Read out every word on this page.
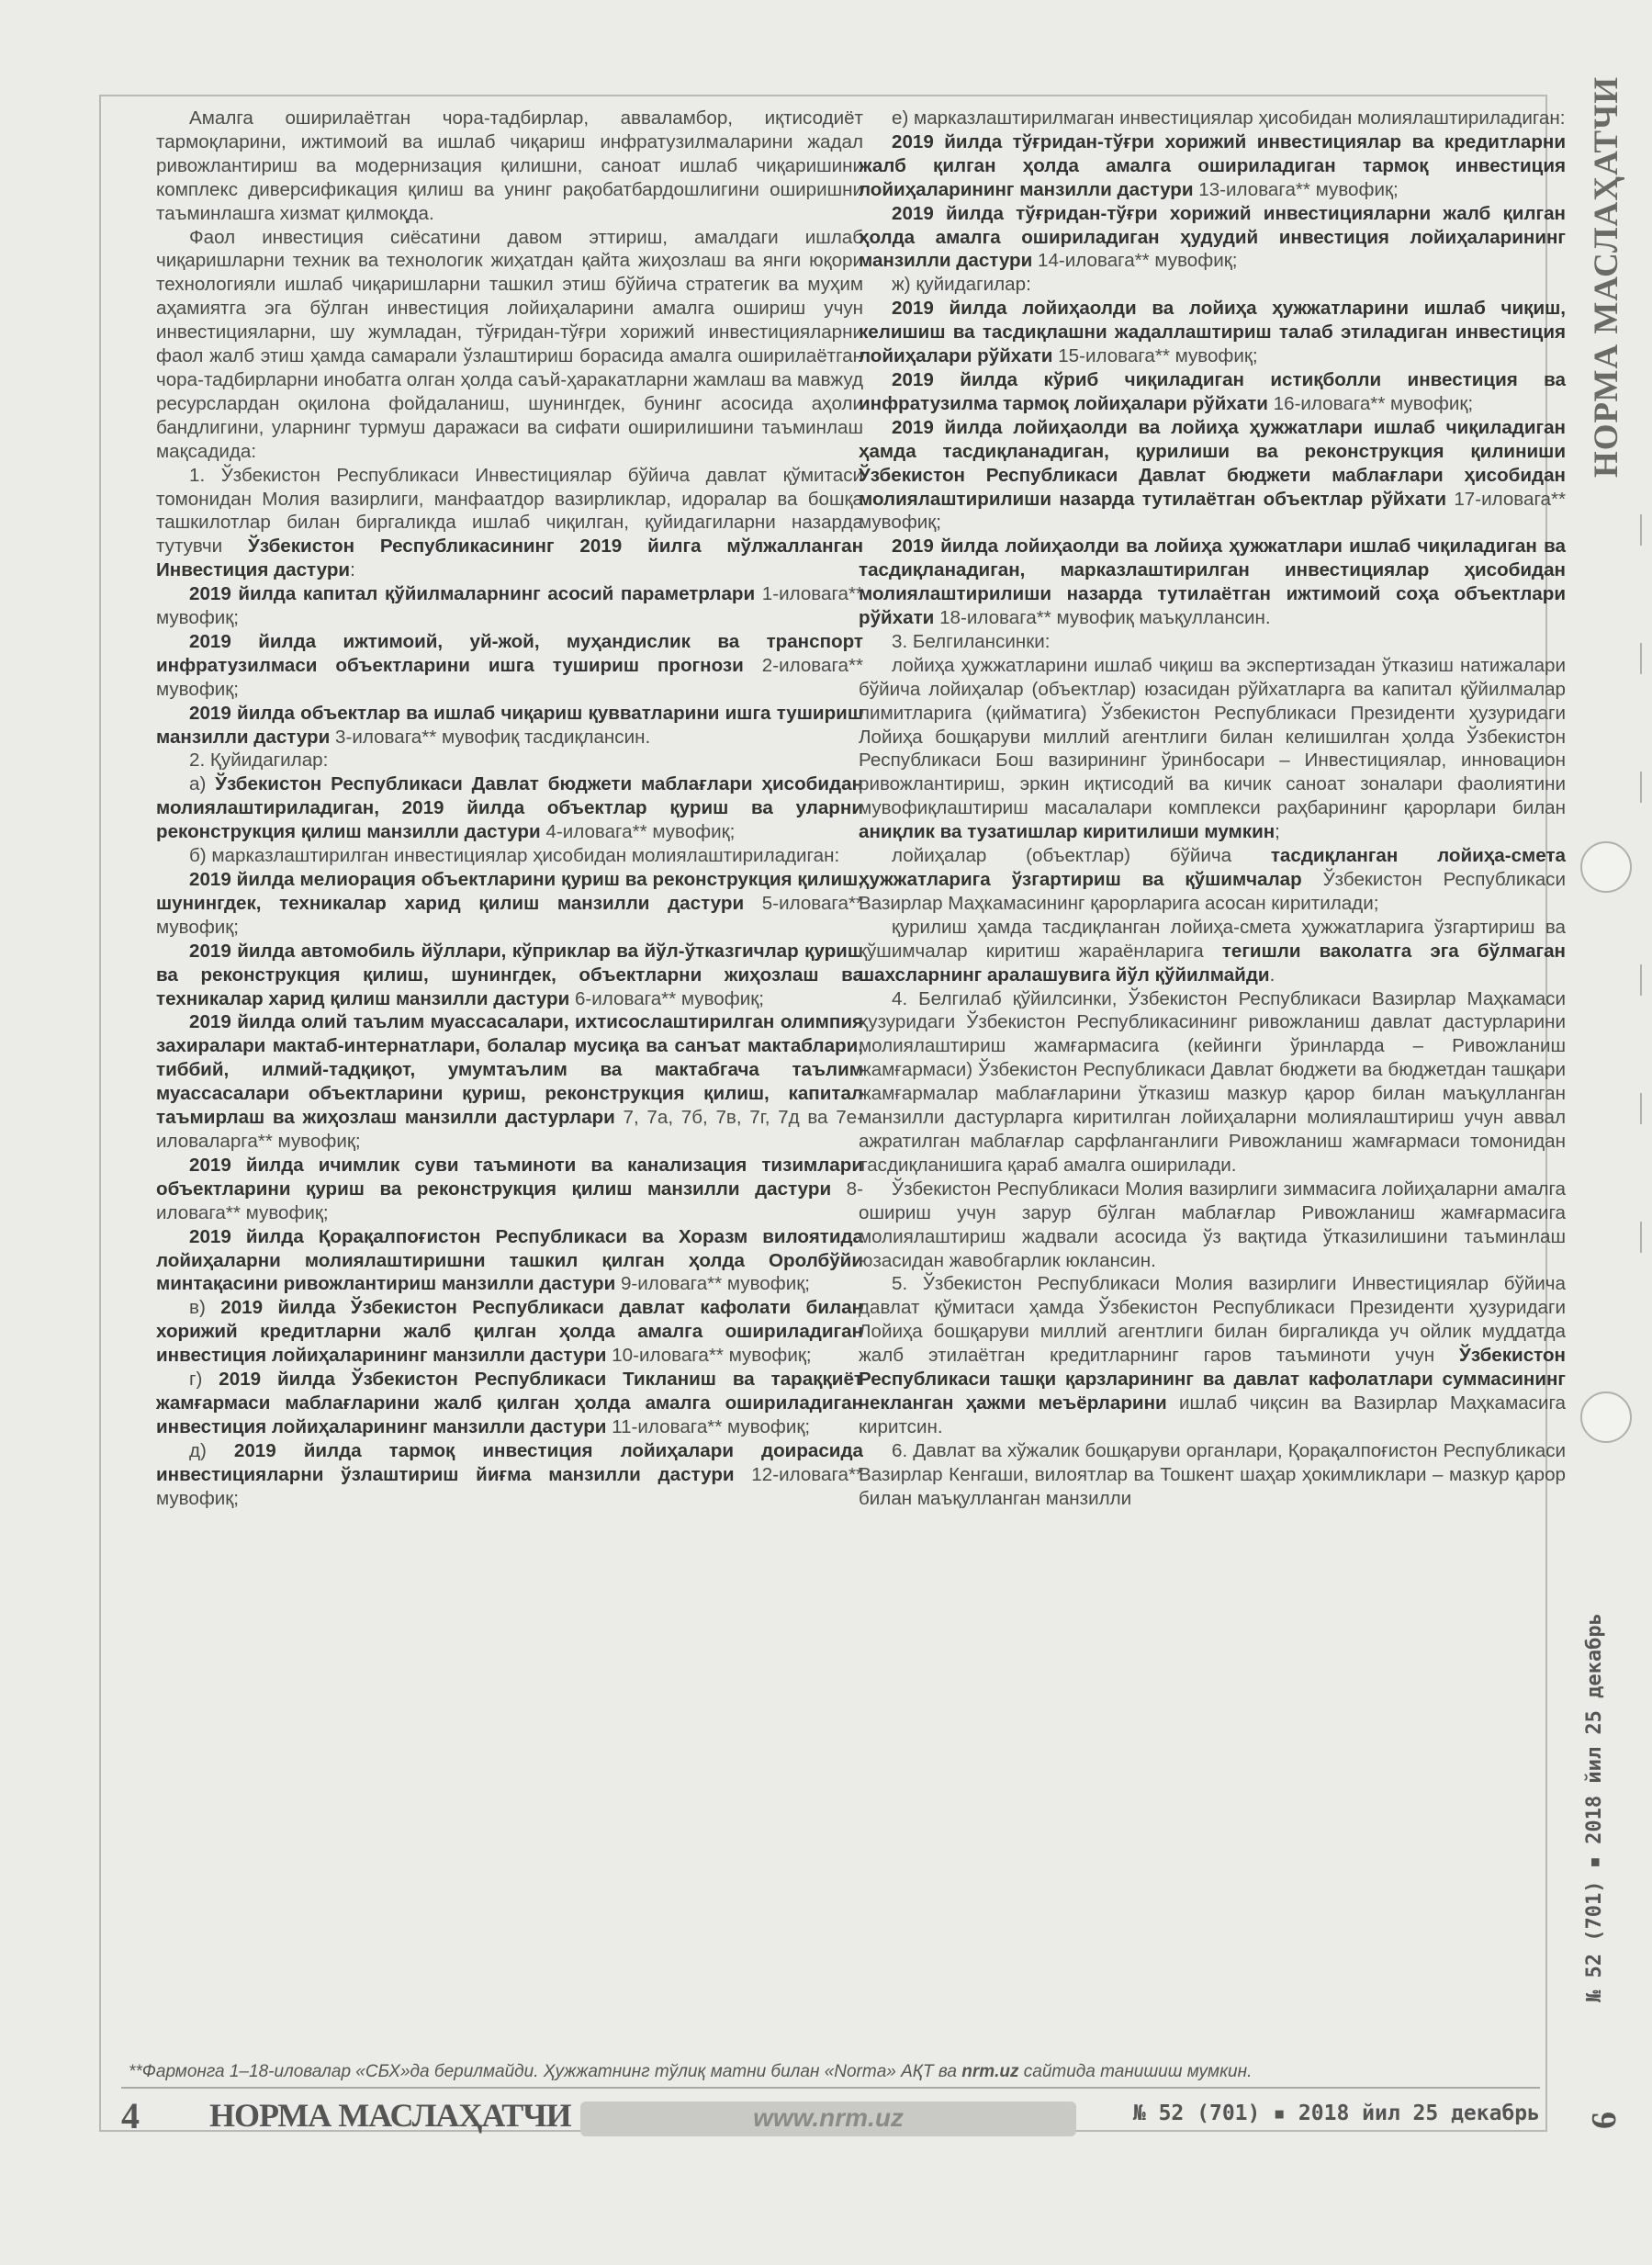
Амалга оширилаётган чора-тадбирлар, авваламбор, иқтисодиёт тармоқларини, ижтимоий ва ишлаб чиқариш инфратузилмаларини жадал ривожлантириш ва модернизация қилишни, саноат ишлаб чиқаришини комплекс диверсификация қилиш ва унинг рақобатбардошлигини оширишни таъминлашга хизмат қилмоқда.

Фаол инвестиция сиёсатини давом эттириш, амалдаги ишлаб чиқаришларни техник ва технологик жиҳатдан қайта жиҳозлаш ва янги юқори технологияли ишлаб чиқаришларни ташкил этиш бўйича стратегик ва муҳим аҳамиятга эга бўлган инвестиция лойиҳаларини амалга ошириш учун инвестицияларни, шу жумладан, тўғридан-тўғри хорижий инвестицияларни фаол жалб этиш ҳамда самарали ўзлаштириш борасида амалга оширилаётган чора-тадбирларни инобатга олган ҳолда саъй-ҳаракатларни жамлаш ва мавжуд ресурслардан оқилона фойдаланиш, шунингдек, бунинг асосида аҳоли бандлигини, уларнинг турмуш даражаси ва сифати оширилишини таъминлаш мақсадида:

1. Ўзбекистон Республикаси Инвестициялар бўйича давлат қўмитаси томонидан Молия вазирлиги, манфаатдор вазирликлар, идоралар ва бошқа ташкилотлар билан биргаликда ишлаб чиқилган, қуйидагиларни назарда тутувчи Ўзбекистон Республикасининг 2019 йилга мўлжалланган Инвестиция дастури:

2019 йилда капитал қўйилмаларнинг асосий параметрлари 1-иловага** мувофиқ;

2019 йилда ижтимоий, уй-жой, муҳандислик ва транспорт инфратузилмаси объектларини ишга тушириш прогнози 2-иловага** мувофиқ;

2019 йилда объектлар ва ишлаб чиқариш қувватларини ишга тушириш манзилли дастури 3-иловага** мувофиқ тасдиқлансин.

2. Қуйидагилар:

а) Ўзбекистон Республикаси Давлат бюджети маблағлари ҳисобидан молиялаштириладиган, 2019 йилда объектлар қуриш ва уларни реконструкция қилиш манзилли дастури 4-иловага** мувофиқ;

б) марказлаштирилган инвестициялар ҳисобидан молиялаштириладиган:

2019 йилда мелиорация объектларини қуриш ва реконструкция қилиш, шунингдек, техникалар харид қилиш манзилли дастури 5-иловага** мувофиқ;

2019 йилда автомобиль йўллари, кўприклар ва йўл-ўтказгичлар қуриш ва реконструкция қилиш, шунингдек, объектларни жиҳозлаш ва техникалар харид қилиш манзилли дастури 6-иловага** мувофиқ;

2019 йилда олий таълим муассасалари, ихтисослаштирилган олимпия захиралари мактаб-интернатлари, болалар мусиқа ва санъат мактаблари, тиббий, илмий-тадқиқот, умумтаълим ва мактабгача таълим муассасалари объектларини қуриш, реконструкция қилиш, капитал таъмирлаш ва жиҳозлаш манзилли дастурлари 7, 7а, 7б, 7в, 7г, 7д ва 7е-иловаларга** мувофиқ;

2019 йилда ичимлик суви таъминоти ва канализация тизимлари объектларини қуриш ва реконструкция қилиш манзилли дастури 8-иловага** мувофиқ;

2019 йилда Қорақалпоғистон Республикаси ва Хоразм вилоятида лойиҳаларни молиялаштиришни ташкил қилган ҳолда Оролбўйи минтақасини ривожлантириш манзилли дастури 9-иловага** мувофиқ;

в) 2019 йилда Ўзбекистон Республикаси давлат кафолати билан хорижий кредитларни жалб қилган ҳолда амалга ошириладиган инвестиция лойиҳаларининг манзилли дастури 10-иловага** мувофиқ;

г) 2019 йилда Ўзбекистон Республикаси Тикланиш ва тараққиёт жамғармаси маблағларини жалб қилган ҳолда амалга ошириладиган инвестиция лойиҳаларининг манзилли дастури 11-иловага** мувофиқ;

д) 2019 йилда тармоқ инвестиция лойиҳалари доирасида инвестицияларни ўзлаштириш йиғма манзилли дастури 12-иловага** мувофиқ;

е) марказлаштирилмаган инвестициялар ҳисобидан молиялаштириладиган:

2019 йилда тўғридан-тўғри хорижий инвестициялар ва кредитларни жалб қилган ҳолда амалга ошириладиган тармоқ инвестиция лойиҳаларининг манзилли дастури 13-иловага** мувофиқ;

2019 йилда тўғридан-тўғри хорижий инвестицияларни жалб қилган ҳолда амалга ошириладиган ҳудудий инвестиция лойиҳаларининг манзилли дастури 14-иловага** мувофиқ;

ж) қуйидагилар:

2019 йилда лойиҳаолди ва лойиҳа ҳужжатларини ишлаб чиқиш, келишиш ва тасдиқлашни жадаллаштириш талаб этиладиган инвестиция лойиҳалари рўйхати 15-иловага** мувофиқ;

2019 йилда кўриб чиқиладиган истиқболли инвестиция ва инфратузилма тармоқ лойиҳалари рўйхати 16-иловага** мувофиқ;

2019 йилда лойиҳаолди ва лойиҳа ҳужжатлари ишлаб чиқиладиган ҳамда тасдиқланадиган, қурилиши ва реконструкция қилиниши Ўзбекистон Республикаси Давлат бюджети маблағлари ҳисобидан молиялаштирилиши назарда тутилаётган объектлар рўйхати 17-иловага** мувофиқ;

2019 йилда лойиҳаолди ва лойиҳа ҳужжатлари ишлаб чиқиладиган ва тасдиқланадиган, марказлаштирилган инвестициялар ҳисобидан молиялаштирилиши назарда тутилаётган ижтимоий соҳа объектлари рўйхати 18-иловага** мувофиқ маъқуллансин.

3. Белгилансинки:

лойиҳа ҳужжатларини ишлаб чиқиш ва экспертизадан ўтказиш натижалари бўйича лойиҳалар (объектлар) юзасидан рўйхатларга ва капитал қўйилмалар лимитларига (қийматига) Ўзбекистон Республикаси Президенти ҳузуридаги Лойиҳа бошқаруви миллий агентлиги билан келишилган ҳолда Ўзбекистон Республикаси Бош вазирининг ўринбосари – Инвестициялар, инновацион ривожлантириш, эркин иқтисодий ва кичик саноат зоналари фаолиятини мувофиқлаштириш масалалари комплекси раҳбарининг қарорлари билан аниқлик ва тузатишлар киритилиши мумкин;

лойиҳалар (объектлар) бўйича тасдиқланган лойиҳа-смета ҳужжатларига ўзгартириш ва қўшимчалар Ўзбекистон Республикаси Вазирлар Маҳкамасининг қарорларига асосан киритилади;

қурилиш ҳамда тасдиқланган лойиҳа-смета ҳужжатларига ўзгартириш ва қўшимчалар киритиш жараёнларига тегишли ваколатга эга бўлмаган шахсларнинг аралашувига йўл қўйилмайди.

4. Белгилаб қўйилсинки, Ўзбекистон Республикаси Вазирлар Маҳкамаси ҳузуридаги Ўзбекистон Республикасининг ривожланиш давлат дастурларини молиялаштириш жамғармасига (кейинги ўринларда – Ривожланиш жамғармаси) Ўзбекистон Республикаси Давлат бюджети ва бюджетдан ташқари жамғармалар маблағларини ўтказиш мазкур қарор билан маъқулланган манзилли дастурларга киритилган лойиҳаларни молиялаштириш учун аввал ажратилган маблағлар сарфланганлиги Ривожланиш жамғармаси томонидан тасдиқланишига қараб амалга оширилади.

Ўзбекистон Республикаси Молия вазирлиги зиммасига лойиҳаларни амалга ошириш учун зарур бўлган маблағлар Ривожланиш жамғармасига молиялаштириш жадвали асосида ўз вақтида ўтказилишини таъминлаш юзасидан жавобгарлик юклансин.

5. Ўзбекистон Республикаси Молия вазирлиги Инвестициялар бўйича давлат қўмитаси ҳамда Ўзбекистон Республикаси Президенти ҳузуридаги Лойиҳа бошқаруви миллий агентлиги билан биргаликда уч ойлик муддатда жалб этилаётган кредитларнинг гаров таъминоти учун Ўзбекистон Республикаси ташқи қарзларининг ва давлат кафолатлари суммасининг чекланган ҳажми меъёрларини ишлаб чиқсин ва Вазирлар Маҳкамасига киритсин.

6. Давлат ва хўжалик бошқаруви органлари, Қорақалпоғистон Республикаси Вазирлар Кенгаши, вилоятлар ва Тошкент шаҳар ҳокимликлари – мазкур қарор билан маъқулланган манзилли

**Фармонга 1–18-иловалар «СБХ»да берилмайди. Ҳужжатнинг тўлиқ матни билан «Norma» АҚТ ва nrm.uz сайтида танишиш мумкин.
4 НОРМА МАСЛАҲАТЧИ	www.nrm.uz	№ 52 (701) ▪ 2018 йил 25 декабрь
НОРМА МАСЛАҲАТЧИ
№ 52 (701) ▪ 2018 йил 25 декабрь
6
